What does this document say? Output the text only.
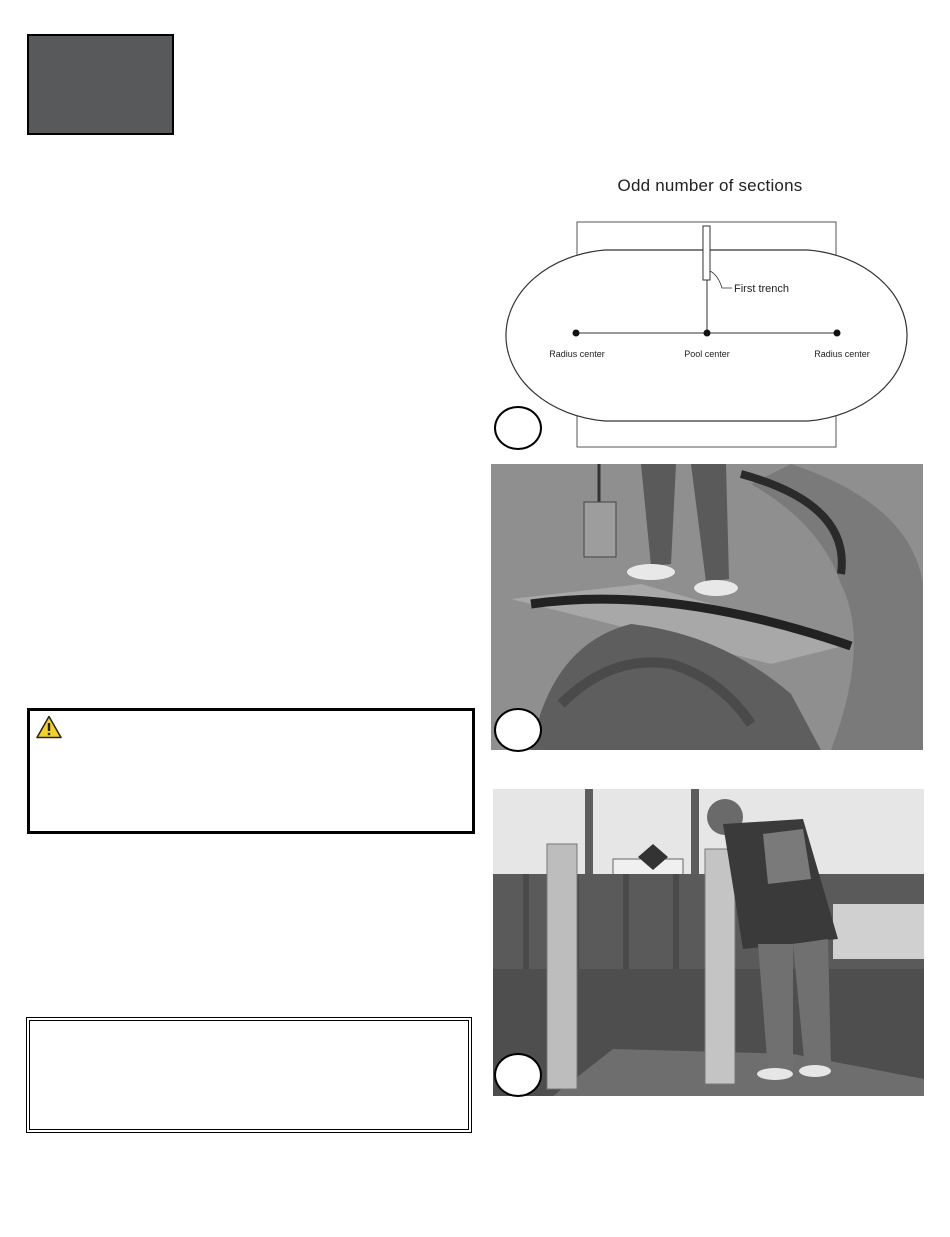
Odd number of sections
First trench
Radius center	Pool center	Radius center
